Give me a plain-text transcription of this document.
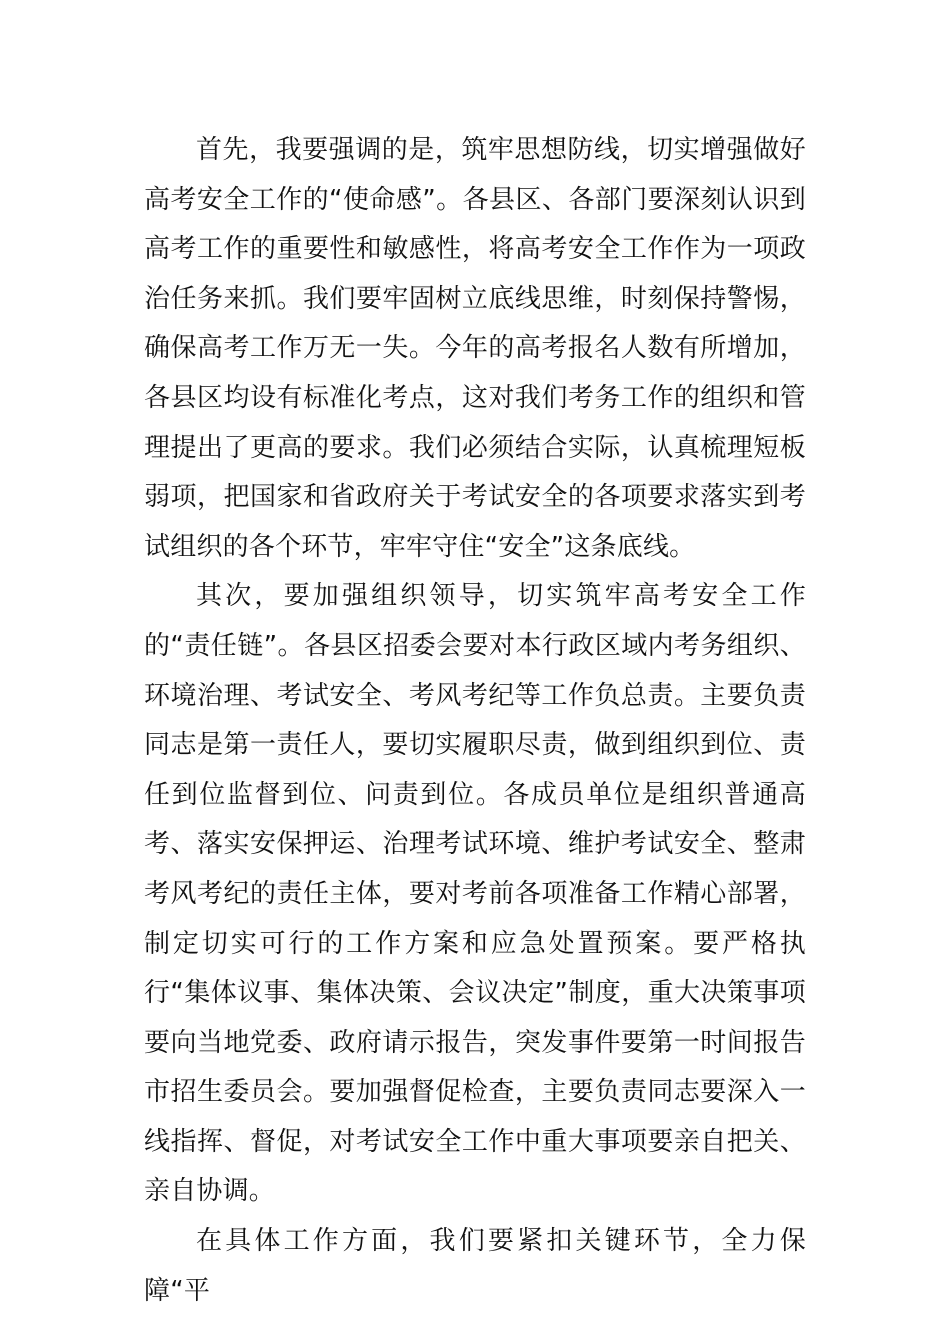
首先，我要强调的是，筑牢思想防线，切实增强做好高考安全工作的“使命感”。各县区、各部门要深刻认识到高考工作的重要性和敏感性，将高考安全工作作为一项政治任务来抓。我们要牢固树立底线思维，时刻保持警惕，确保高考工作万无一失。今年的高考报名人数有所增加，各县区均设有标准化考点，这对我们考务工作的组织和管理提出了更高的要求。我们必须结合实际，认真梳理短板弱项，把国家和省政府关于考试安全的各项要求落实到考试组织的各个环节，牢牢守住“安全”这条底线。

其次，要加强组织领导，切实筑牢高考安全工作的“责任链”。各县区招委会要对本行政区域内考务组织、环境治理、考试安全、考风考纪等工作负总责。主要负责同志是第一责任人，要切实履职尽责，做到组织到位、责任到位监督到位、问责到位。各成员单位是组织普通高考、落实安保押运、治理考试环境、维护考试安全、整肃考风考纪的责任主体，要对考前各项准备工作精心部署，制定切实可行的工作方案和应急处置预案。要严格执行“集体议事、集体决策、会议决定”制度，重大决策事项要向当地党委、政府请示报告，突发事件要第一时间报告市招生委员会。要加强督促检查，主要负责同志要深入一线指挥、督促，对考试安全工作中重大事项要亲自把关、亲自协调。

在具体工作方面，我们要紧扣关键环节，全力保障“平
